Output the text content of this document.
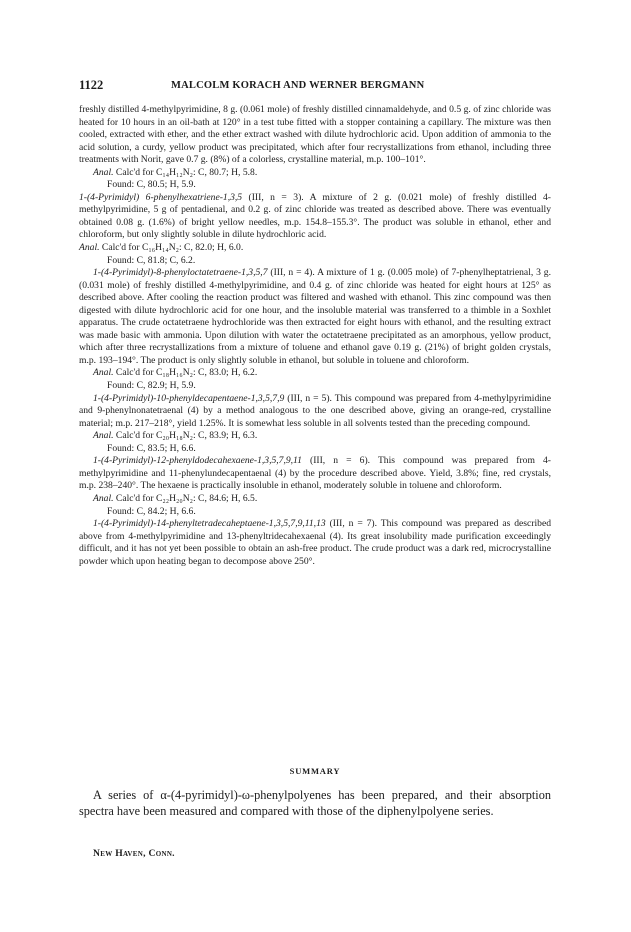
1122	MALCOLM KORACH AND WERNER BERGMANN

freshly distilled 4-methylpyrimidine, 8 g. (0.061 mole) of freshly distilled cinnamaldehyde, and 0.5 g. of zinc chloride was heated for 10 hours in an oil-bath at 120° in a test tube fitted with a stopper containing a capillary. The mixture was then cooled, extracted with ether, and the ether extract washed with dilute hydrochloric acid. Upon addition of ammonia to the acid solution, a curdy, yellow product was precipitated, which after four recrystallizations from ethanol, including three treatments with Norit, gave 0.7 g. (8%) of a colorless, crystalline material, m.p. 100–101°.

Anal. Calc'd for C₁₄H₁₂N₂: C, 80.7; H, 5.8.

Found: C, 80.5; H, 5.9.

1-(4-Pyrimidyl) 6-phenylhexatriene-1,3,5 (III, n = 3). A mixture of 2 g. (0.021 mole) of freshly distilled 4-methylpyrimidine, 5 g of pentadienal, and 0.2 g. of zinc chloride was treated as described above. There was eventually obtained 0.08 g. (1.6%) of bright yellow needles, m.p. 154.8–155.3°. The product was soluble in ethanol, ether and chloroform, but only slightly soluble in dilute hydrochloric acid.

Anal. Calc'd for C₁₆H₁₄N₂: C, 82.0; H, 6.0.

Found: C, 81.8; C, 6.2.

1-(4-Pyrimidyl)-8-phenyloctatetraene-1,3,5,7 (III, n = 4). A mixture of 1 g. (0.005 mole) of 7-phenylheptatrienal, 3 g. (0.031 mole) of freshly distilled 4-methylpyrimidine, and 0.4 g. of zinc chloride was heated for eight hours at 125° as described above. After cooling the reaction product was filtered and washed with ethanol. This zinc compound was then digested with dilute hydrochloric acid for one hour, and the insoluble material was transferred to a thimble in a Soxhlet apparatus. The crude octatetraene hydrochloride was then extracted for eight hours with ethanol, and the resulting extract was made basic with ammonia. Upon dilution with water the octatetraene precipitated as an amorphous, yellow product, which after three recrystallizations from a mixture of toluene and ethanol gave 0.19 g. (21%) of bright golden crystals, m.p. 193–194°. The product is only slightly soluble in ethanol, but soluble in toluene and chloroform.

Anal. Calc'd for C₁₈H₁₆N₂: C, 83.0; H, 6.2.

Found: C, 82.9; H, 5.9.

1-(4-Pyrimidyl)-10-phenyldecapentaene-1,3,5,7,9 (III, n = 5). This compound was prepared from 4-methylpyrimidine and 9-phenylnonatetraenal (4) by a method analogous to the one described above, giving an orange-red, crystalline material; m.p. 217–218°, yield 1.25%. It is somewhat less soluble in all solvents tested than the preceding compound.

Anal. Calc'd for C₂₀H₁₈N₂: C, 83.9; H, 6.3.

Found: C, 83.5; H, 6.6.

1-(4-Pyrimidyl)-12-phenyldodecahexaene-1,3,5,7,9,11 (III, n = 6). This compound was prepared from 4-methylpyrimidine and 11-phenylundecapentaenal (4) by the procedure described above. Yield, 3.8%; fine, red crystals, m.p. 238–240°. The hexaene is practically insoluble in ethanol, moderately soluble in toluene and chloroform.

Anal. Calc'd for C₂₂H₂₀N₂: C, 84.6; H, 6.5.

Found: C, 84.2; H, 6.6.

1-(4-Pyrimidyl)-14-phenyltetradecaheptaene-1,3,5,7,9,11,13 (III, n = 7). This compound was prepared as described above from 4-methylpyrimidine and 13-phenyltridecahexaenal (4). Its great insolubility made purification exceedingly difficult, and it has not yet been possible to obtain an ash-free product. The crude product was a dark red, microcrystalline powder which upon heating began to decompose above 250°.

SUMMARY
A series of α-(4-pyrimidyl)-ω-phenylpolyenes has been prepared, and their absorption spectra have been measured and compared with those of the diphenylpolyene series.
New Haven, Conn.
